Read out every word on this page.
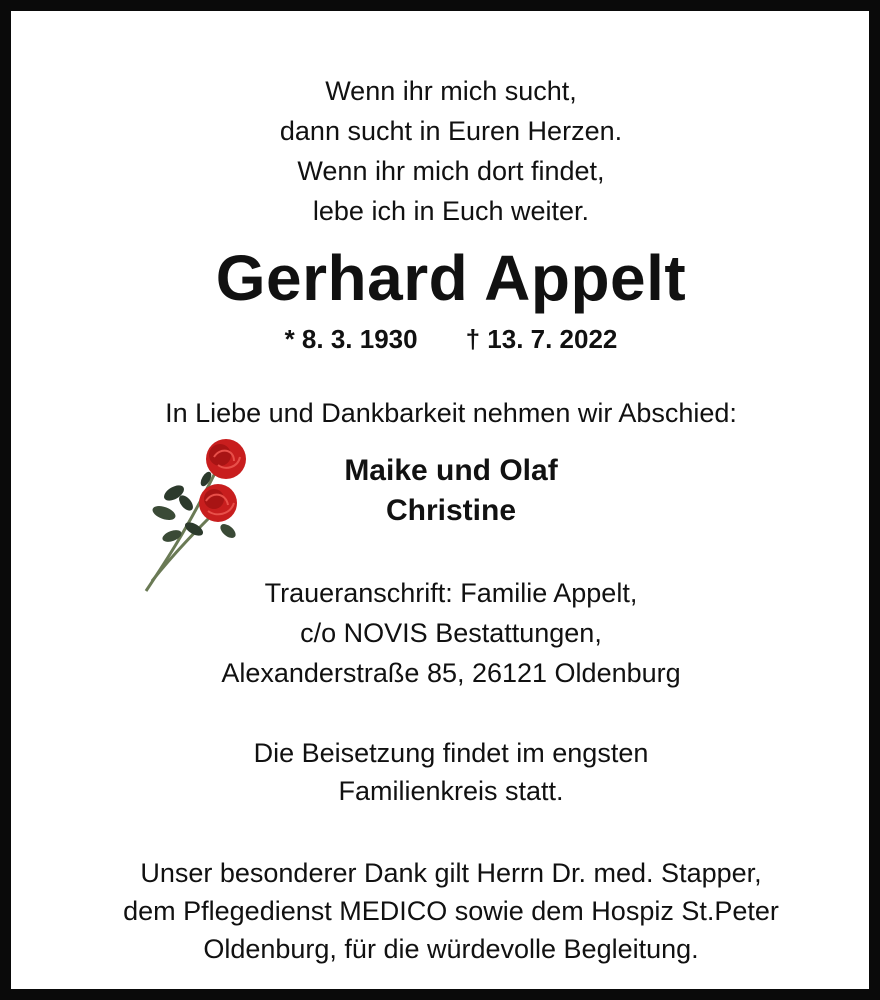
Wenn ihr mich sucht,
dann sucht in Euren Herzen.
Wenn ihr mich dort findet,
lebe ich in Euch weiter.
Gerhard Appelt
* 8. 3. 1930 † 13. 7. 2022
In Liebe und Dankbarkeit nehmen wir Abschied:
Maike und Olaf
Christine
Traueranschrift: Familie Appelt,
c/o NOVIS Bestattungen,
Alexanderstraße 85, 26121 Oldenburg
Die Beisetzung findet im engsten
Familienkreis statt.
Unser besonderer Dank gilt Herrn Dr. med. Stapper,
dem Pflegedienst MEDICO sowie dem Hospiz St.Peter
Oldenburg, für die würdevolle Begleitung.
